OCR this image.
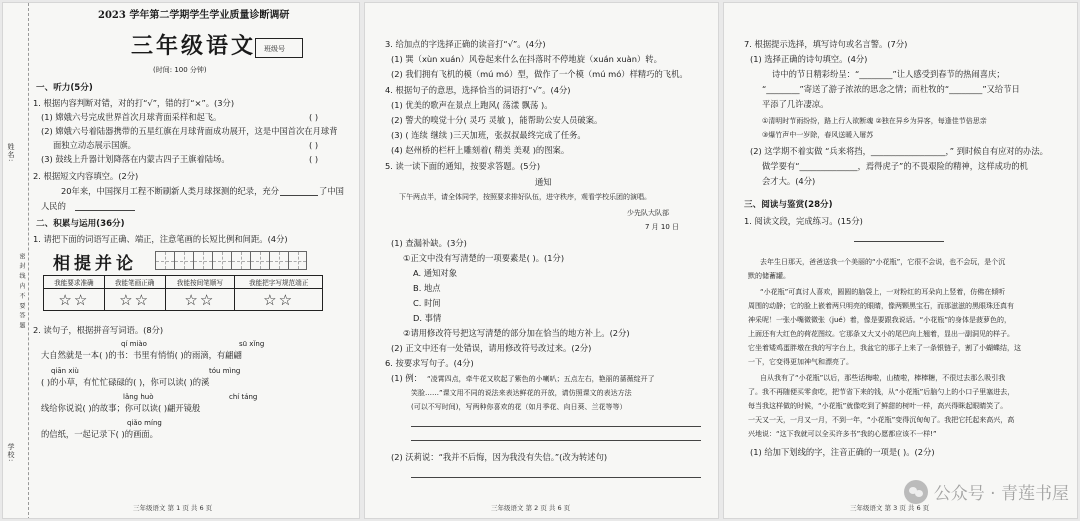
姓名:
密 封 线 内 不 要 答 题
学校:
2023 学年第二学期学生学业质量诊断调研
三年级语文 班级号
(时间: 100 分钟)
一、听力(5分)
1. 根据内容判断对错，对的打“√”，错的打“×”。(3分)
(1) 嫦娥六号完成世界首次月球背面采样和起飞。	( )
(2) 嫦娥六号着陆器携带的五星红旗在月球背面成功展开，这是中国首次在月球背
面独立动态展示国旗。	( )
(3) 鼓线上升器计划降落在内蒙古四子王旗着陆场。	( )
2. 根据短文内容填空。(2分)
20年来，中国探月工程不断刷新人类月球探测的纪录，充分	了中国
人民的
二、积累与运用(36分)
1. 请把下面的词语写正确、端正，注意笔画的长短比例和间距。(4分)
相提并论
我能要求准确	我能笔画正确	我能按间笔顺写	我能把字写规范端正
☆☆	☆☆	☆☆	☆☆
2. 读句子，根据拼音写词语。(8分)
qí miào	sū xǐng
大自然就是一本( )的书：书里有悄悄( )的雨滴，有翩翩
qiān xiù	tóu mìng
( )的小草，有忙忙碌碌的( )，你可以读( )的溪
lǎng huò	chí táng
线给你说说( )的故事；你可以读( )翩开镜般
qiǎo míng
的信纸，一起记录下( )的画面。
三年级语文 第 1 页 共 6 页
3. 给加点的字选择正确的读音打“√”。(4分)
(1) 巽（xùn xuán）风卷起来什么在抖落时不停地旋（xuán xuàn）转。
(2) 我们拥有飞机的模（mú mó）型，做作了一个模（mú mó）样精巧的飞机。
4. 根据句子的意思，选择恰当的词语打“√”。(4分)
(1) 优美的歌声在景点上跑风( 荡漾 飘荡 )。
(2) 警犬的嗅觉十分( 灵巧 灵敏 )，能帮助公安人员破案。
(3) ( 连续 继续 )三天加班，张叔叔最终完成了任务。
(4) 赵州桥的栏杆上雕刻着( 精美 美观 )的图案。
5. 读一读下面的通知，按要求答题。(5分)
通知
下午两点半，请全体同学，按照要求排好队伍，进守秩序，观看学校乐团的演唱。
少先队大队部
7 月 10 日
(1) 查漏补缺。(3分)
①正文中没有写清楚的一项要素是( )。(1分)
A. 通知对象
B. 地点
C. 时间
D. 事情
②请用修改符号把这写清楚的部分加在恰当的地方补上。(2分)
(2) 正文中还有一处错误，请用修改符号改过来。(2分)
6. 按要求写句子。(4分)
(1) 例： “凌霄四点，牵牛花又吹起了紫色的小喇叭；五点左右，艳丽的蔷薇绽开了
笑脸……”课文用不同的说法来表达鲜花的开放，请仿照课文的表达方法
(可以不写时间)，写两种你喜欢的花（如月季花、向日葵、兰花等等）
(2) 沃莉说：“我并不后悔，因为我没有失信。”(改为转述句)
三年级语文 第 2 页 共 6 页
7. 根据提示选择，填写诗句或名言警。(7分)
(1) 选择正确的诗句填空。(4分)
诗中的节日精彩纷呈：“________”让人感受到春节的热闹喜庆；
“________”寄送了游子浓浓的思念之情；而杜牧的“________”又给节日
平添了几许凄凉。
①清明时节雨纷纷，路上行人欲断魂 ②独在异乡为异客，每逢佳节倍思亲
③爆竹声中一岁除，春风送暖入屠苏
(2) 这学期不着实做 “兵来将挡，__________________，” 到时候自有应对的办法。
做学要有“______________，焉得虎子”的不畏艰险的精神，这样成功的机
会才大。(4分)
三、阅读与鉴赏(28分)
1. 阅读文段，完成练习。(15分)
去年生日那天，爸爸送我一个美丽的“小花瓶”，它很不会说，也不会玩，是个沉
默的储蓄罐。
“小花瓶”可真讨人喜欢，圆圆的脑袋上，一对粉红的耳朵向上竖着，仿佛在倾听
周围的动静；它的脸上嵌着两只明亮的眼睛，像两颗黑宝石，而那滋滋的黑眼珠还真有
神采呢！一张小嘴微微张（jué）着，像是要跟我说话。“小花瓶”的身体是菠萝色的，
上面还有大红色的荷花图纹。它那条又大又小的尾巴向上翘着，显出一副洞见的样子。
它坐着矮鸡蛋胖墩在我的写字台上，我盆它的那子上来了一条银链子，割了小蝴蝶结，这
一下，它变得更加神气和漂亮了。
自从我有了“小花瓶”以后，那些话梅啦，山楂啦，棒棒糖，不很过去那么吸引我
了。我不再随便买零食吃，把节省下来的钱，从“小花瓶”后脑勺上的小口子里塞进去，
每当我这样做的时候，“小花瓶”就像吃到了鲜甜的树叶一样，高兴得眯起眼睛笑了。
一天又一天，一月又一月，不到一年，“小花瓶”变得沉甸甸了。我把它托起来高兴，高
兴地说：“这下我就可以全买许多书”我的心愿都应该不一样!”
(1) 给加下划线的字，注音正确的一项是( )。(2分)
三年级语文 第 3 页 共 6 页
公众号 · 青莲书屋
